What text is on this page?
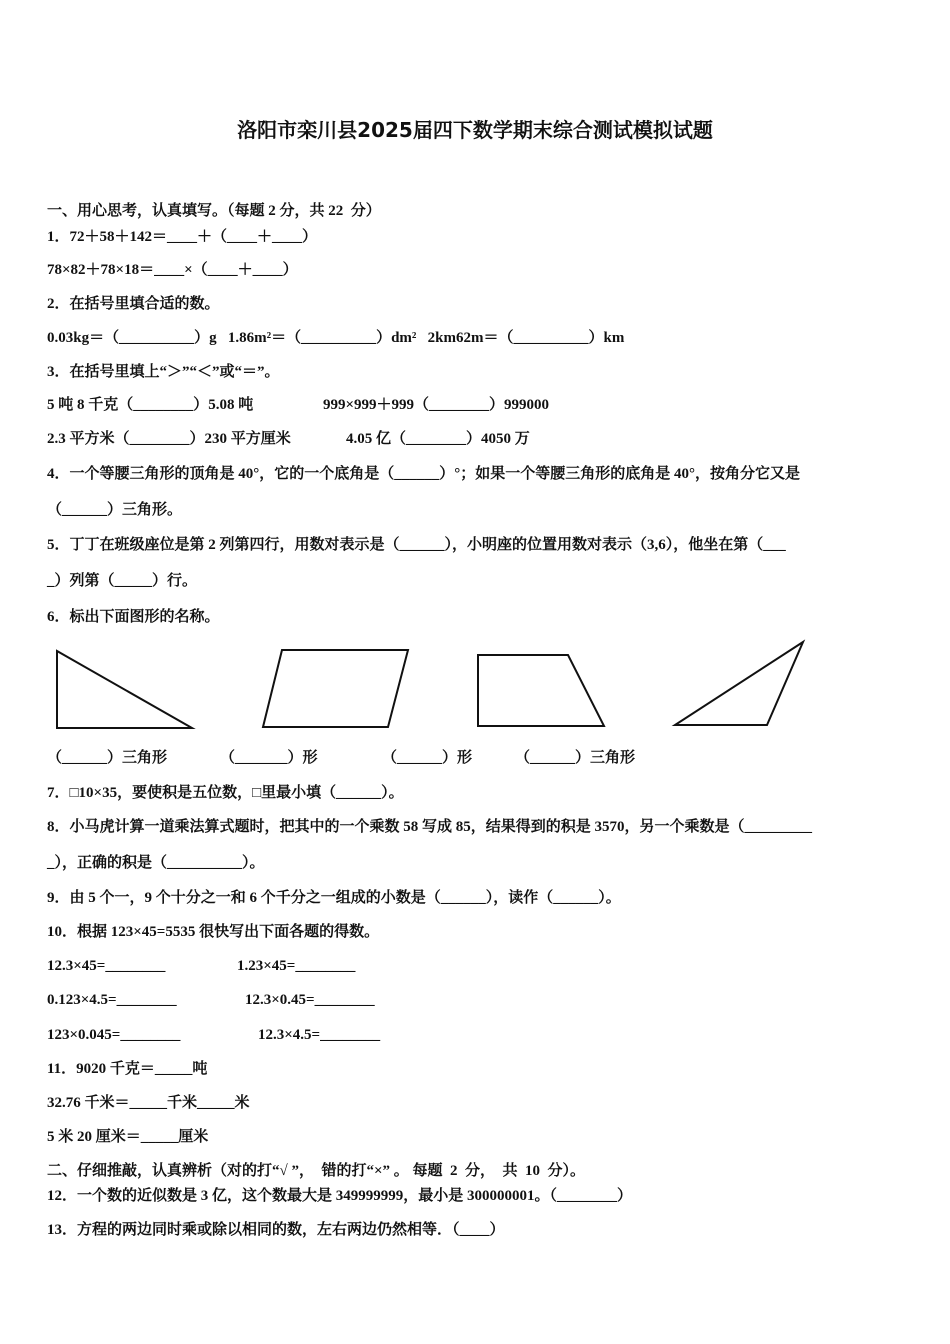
洛阳市栾川县2025届四下数学期末综合测试模拟试题
一、用心思考，认真填写。（每题 2 分，共 22  分）
1．72＋58＋142＝____＋（____＋____）
78×82＋78×18＝____×（____＋____）
2．在括号里填合适的数。
0.03kg＝（__________）g   1.86m²＝（__________）dm²   2km62m＝（__________）km
3．在括号里填上“＞”“＜”或“＝”。
5 吨 8 千克（________）5.08 吨	999×999＋999（________）999000
2.3 平方米（________）230 平方厘米	4.05 亿（________）4050 万
4．一个等腰三角形的顶角是 40°，它的一个底角是（______）°；如果一个等腰三角形的底角是 40°，按角分它又是
（______）三角形。
5．丁丁在班级座位是第 2 列第四行，用数对表示是（______），小明座的位置用数对表示（3,6），他坐在第（___
_）列第（_____）行。
6．标出下面图形的名称。
（______）三角形	（_______）形	（______）形	（______）三角形
7．□10×35，要使积是五位数，□里最小填（______）。
8．小马虎计算一道乘法算式题时，把其中的一个乘数 58 写成 85，结果得到的积是 3570，另一个乘数是（_________
_），正确的积是（__________）。
9．由 5 个一，9 个十分之一和 6 个千分之一组成的小数是（______），读作（______）。
10．根据 123×45=5535 很快写出下面各题的得数。
12.3×45=________	1.23×45=________
0.123×4.5=________	12.3×0.45=________
123×0.045=________	12.3×4.5=________
11．9020 千克＝_____吨
32.76 千米＝_____千米_____米
5 米 20 厘米＝_____厘米
二、仔细推敲，认真辨析（对的打“√ ”，  错的打“×” 。 每题  2  分，  共  10  分）。
12．一个数的近似数是 3 亿，这个数最大是 349999999，最小是 300000001。（________）
13．方程的两边同时乘或除以相同的数，左右两边仍然相等．（____）
